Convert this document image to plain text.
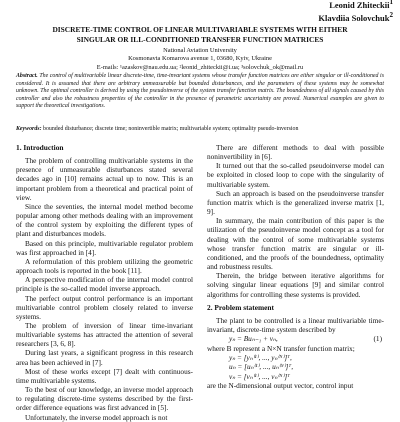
Leonid Zhiteckii$^1$
Klavdiia Solovchuk$^2$
DISCRETE-TIME CONTROL OF LINEAR MULTIVARIABLE SYSTEMS WITH EITHER
SINGULAR OR ILL-CONDITIONED TRANSFER FUNCTION MATRICES
National Aviation University
Kosmonavta Komarova avenue 1, 03680, Kyiv, Ukraine
E-mails: ¹azaskov@nau.edu.ua; ²leonid_zhiteckii@i.ua; ³solovchuk_ok@mail.ru
Abstract. The control of multivariable linear discrete-time, time-invariant systems whose transfer function matrices are either singular or ill-conditioned is considered. It is assumed that there are arbitrary unmeasurable but bounded disturbances, and the parameters of these systems may be somewhat unknown. The optimal controller is derived by using the pseudoinverse of the system transfer function matrix. The boundedness of all signals caused by this controller and also the robustness properties of the controller in the presence of parametric uncertainty are proved. Numerical examples are given to support the theoretical investigations.
Keywords: bounded disturbance; discrete time; noninvertible matrix; multivariable system; optimality pseudo-inversion
1. Introduction

The problem of controlling multivariable systems in the presence of unmeasurable disturbances stated several decades ago in [10] remains actual up to now. This is an important problem from a theoretical and practical point of view.

Since the seventies, the internal model method become popular among other methods dealing with an improvement of the control system by exploiting the different types of plant and disturbances models.

Based on this principle, multivariable regulator problem was first approached in [4].

A reformulation of this problem utilizing the geometric approach tools is reported in the book [11].

A perspective modification of the internal model control principle is the so-called model inverse approach.

The perfect output control performance is an important multivariable control problem closely related to inverse systems.

The problem of inversion of linear time-invariant multivariable systems has attracted the attention of several researchers [3, 6, 8].

During last years, a significant progress in this research area has been achieved in [7].

Most of these works except [7] dealt with continuous-time multivariable systems.

To the best of our knowledge, an inverse model approach to regulating discrete-time systems described by the first-order difference equations was first advanced in [5].

Unfortunately, the inverse model approach is not

There are different methods to deal with possible noninvertibility in [6].

It turned out that the so-called pseudoinverse model can be exploited in closed loop to cope with the singularity of multivariable system.

Such an approach is based on the pseudoinverse transfer function matrix which is the generalized inverse matrix [1, 9].

In summary, the main contribution of this paper is the utilization of the pseudoinverse model concept as a tool for dealing with the control of some multivariable systems whose transfer function matrix are singular or ill-conditioned, and the proofs of the boundedness, optimality and robustness results.

Therein, the bridge between iterative algorithms for solving singular linear equations [9] and similar control algorithms for controlling these systems is provided.

2. Problem statement

The plant to be controlled is a linear multivariable time-invariant, discrete-time system described by

yₙ = Buₙ₋₁ + vₙ,	(1)

where B represent a N×N transfer function matrix;

yₙ = [yₙ⁽¹⁾, ..., yₙ⁽ᴺ⁾]ᵀ,
uₙ = [uₙ⁽¹⁾, ..., uₙ⁽ᴺ⁾]ᵀ,
vₙ = [vₙ⁽¹⁾, ..., vₙ⁽ᴺ⁾]ᵀ

are the N-dimensional output vector, control input
